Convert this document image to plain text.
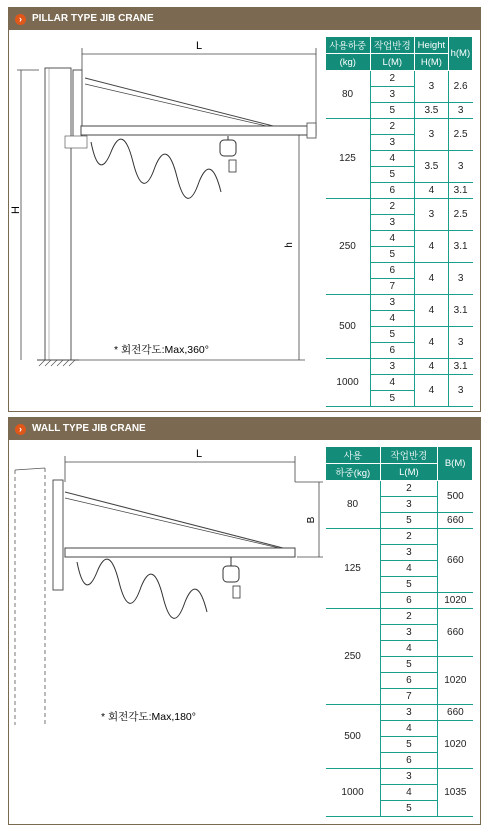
›	PILLAR TYPE JIB CRANE
L
H
h
* 회전각도:Max,360°
사용하중	작업반경	Height	h(M)
(kg)	L(M)	H(M)	
80	2	3	2.6
	3		
	5	3.5	3
125	2	3	2.5
	3		
	4	3.5	3
	5		
	6	4	3.1
250	2	3	2.5
	3		
	4	4	3.1
	5		
	6	4	3
	7		
500	3	4	3.1
	4		
	5	4	3
	6		
1000	3	4	3.1
	4	4	3
	5		
›	WALL TYPE JIB CRANE
L
B
* 회전각도:Max,180°
사용	작업반경	B(M)
하중(kg)	L(M)	
80	2	500
	3	
	5	660
125	2	660
	3	
	4	
	5	
	6	1020
250	2	660
	3	
	4	
	5	1020
	6	
	7	
500	3	660
	4	1020
	5	
	6	
1000	3	1035
	4	
	5	
